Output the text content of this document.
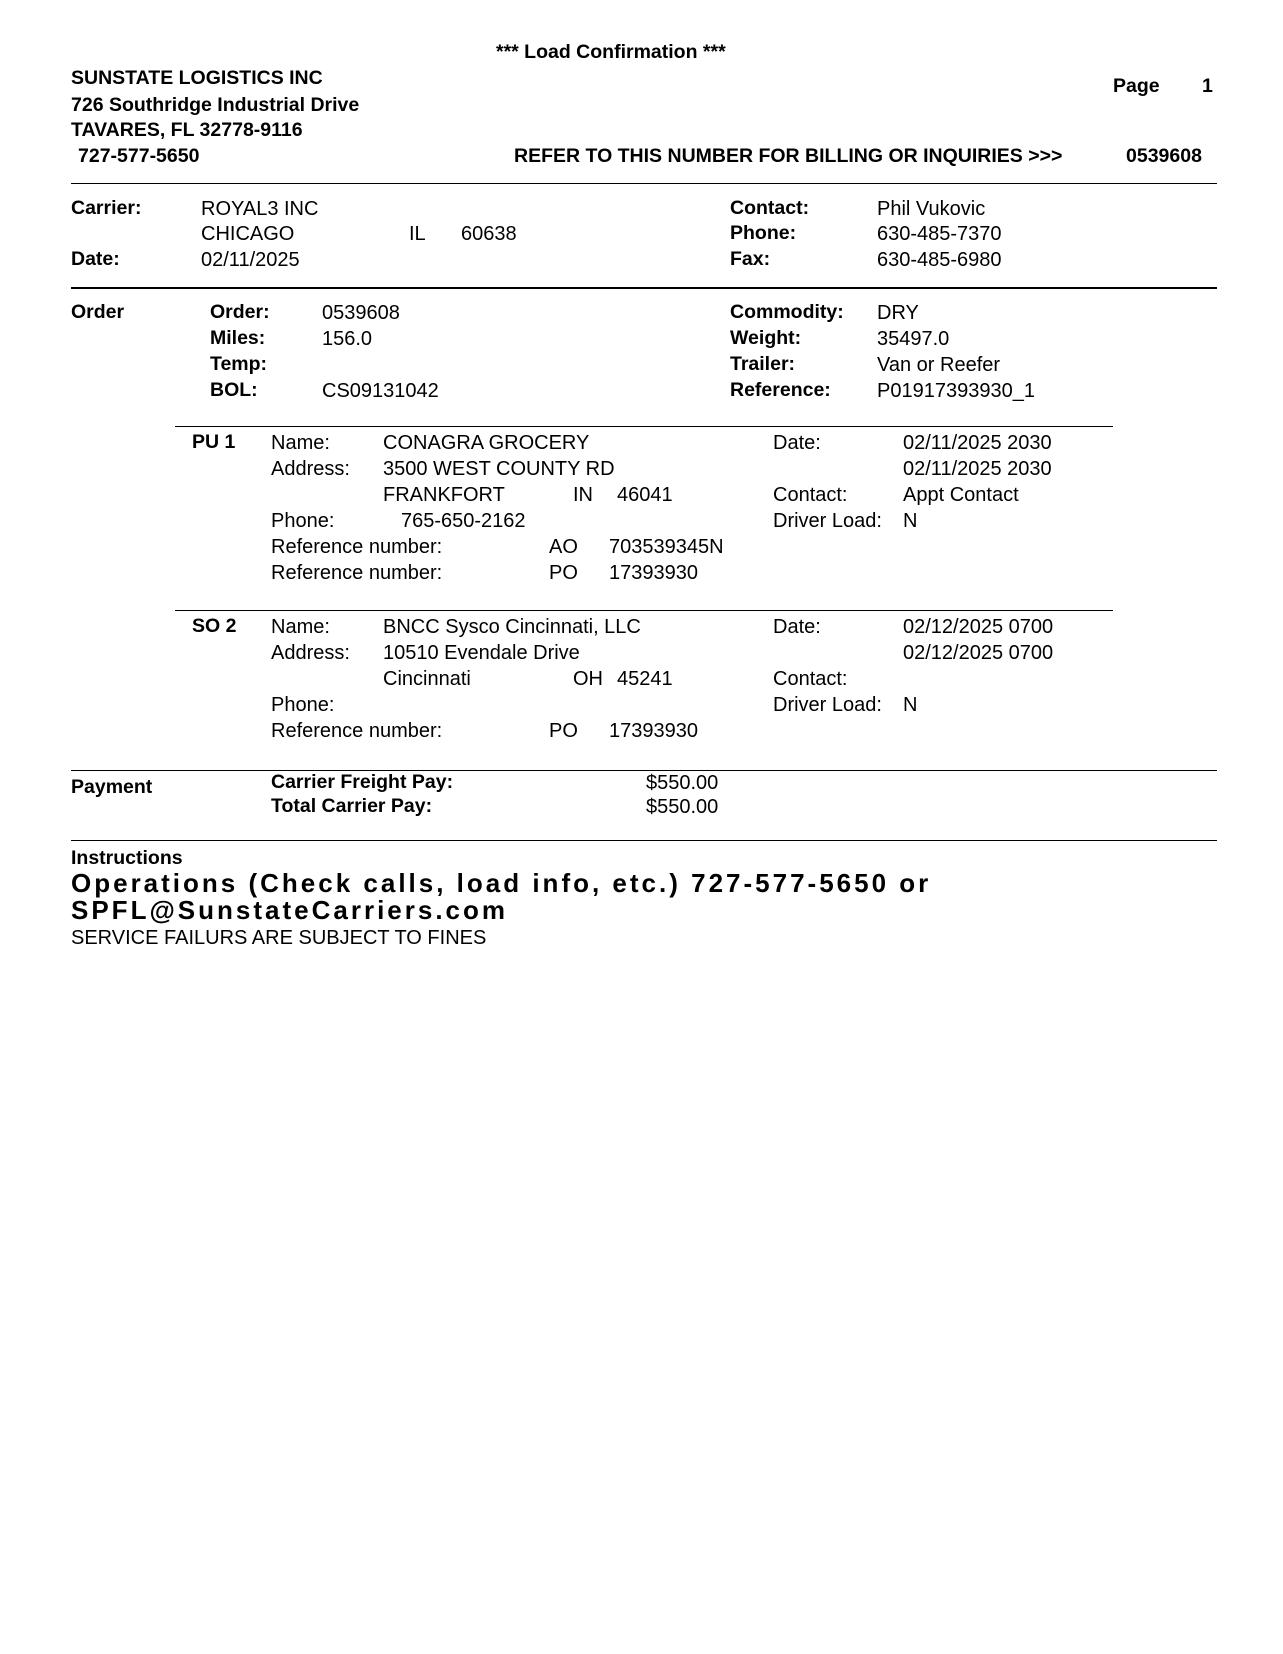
*** Load Confirmation ***
SUNSTATE LOGISTICS INC
726 Southridge Industrial Drive
TAVARES, FL 32778-9116
727-577-5650
Page 1
REFER TO THIS NUMBER FOR BILLING OR INQUIRIES >>>	0539608
Carrier:	ROYAL3 INC
CHICAGO	IL 60638
Date:	02/11/2025
Contact:	Phil Vukovic
Phone:	630-485-7370
Fax:	630-485-6980
Order	Order:	0539608
Miles:	156.0
Temp:
BOL:	CS09131042
Commodity: DRY
Weight:	35497.0
Trailer:	Van or Reefer
Reference: P01917393930_1
PU 1 Name:	CONAGRA GROCERY
Address: 3500 WEST COUNTY RD
FRANKFORT	IN 46041
Phone:	765-650-2162
Reference number:	AO 703539345N
Reference number:	PO 17393930
Date:	02/11/2025 2030
02/11/2025 2030
Contact:	Appt Contact
Driver Load: N
SO 2 Name:	BNCC Sysco Cincinnati, LLC
Address: 10510 Evendale Drive
Cincinnati	OH 45241
Phone:
Reference number:	PO 17393930
Date:	02/12/2025 0700
02/12/2025 0700
Contact:
Driver Load: N
Payment	Carrier Freight Pay:	$550.00
Total Carrier Pay:	$550.00
Instructions
Operations (Check calls, load info, etc.) 727-577-5650 or
SPFL@SunstateCarriers.com
SERVICE FAILURS ARE SUBJECT TO FINES
